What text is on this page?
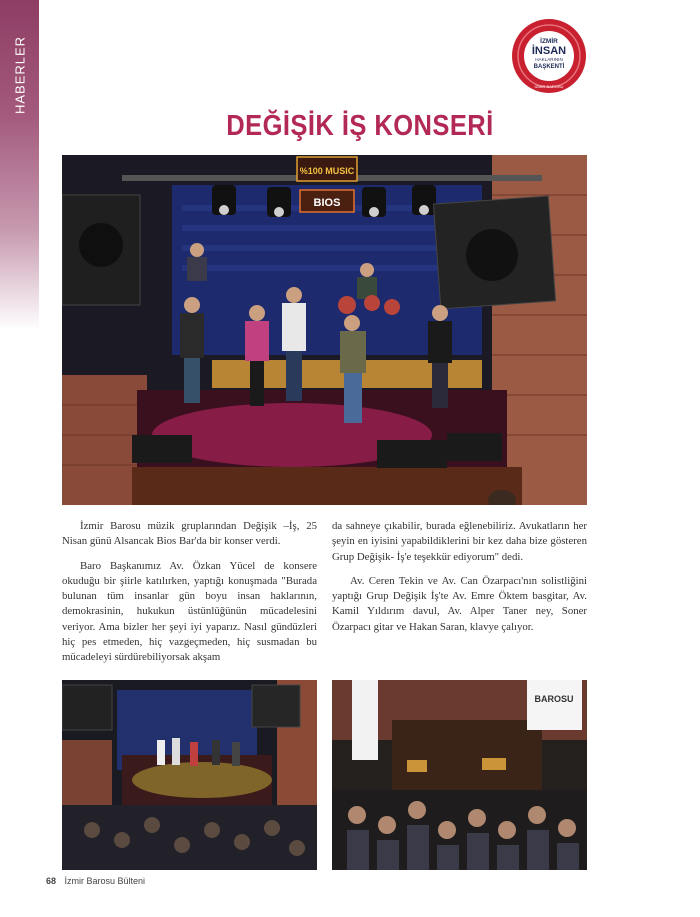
HABERLER	İZMİR
İNSAN
HAKLARININ
BAŞKENTİ
İZMİR BAROSU
DEĞİŞİK İŞ KONSERİ
%100 MUSIC
BIOS

İzmir Barosu müzik gruplarından Değişik –İş, 25 Nisan günü Alsancak Bios Bar'da bir konser verdi.

Baro Başkanımız Av. Özkan Yücel de konsere okuduğu bir şiirle katılırken, yaptığı konuşmada "Burada bulunan tüm insanlar gün boyu insan haklarının, demokrasinin, hukukun üstünlüğünün mücadelesini veriyor. Ama bizler her şeyi iyi yaparız. Nasıl gündüzleri hiç pes etmeden, hiç vazgeçmeden, hiç susmadan bu mücadeleyi sürdürebiliyorsak akşam

da sahneye çıkabilir, burada eğlenebiliriz. Avukatların her şeyin en iyisini yapabildiklerini bir kez daha bize gösteren Grup Değişik- İş'e teşekkür ediyorum" dedi.

Av. Ceren Tekin ve Av. Can Özarpacı'nın solistliğini yaptığı Grup Değişik İş'te Av. Emre Öktem basgitar, Av. Kamil Yıldırım davul, Av. Alper Taner ney, Soner Özarpacı gitar ve Hakan Saran, klavye çalıyor.

BAROSU
68 İzmir Barosu Bülteni
